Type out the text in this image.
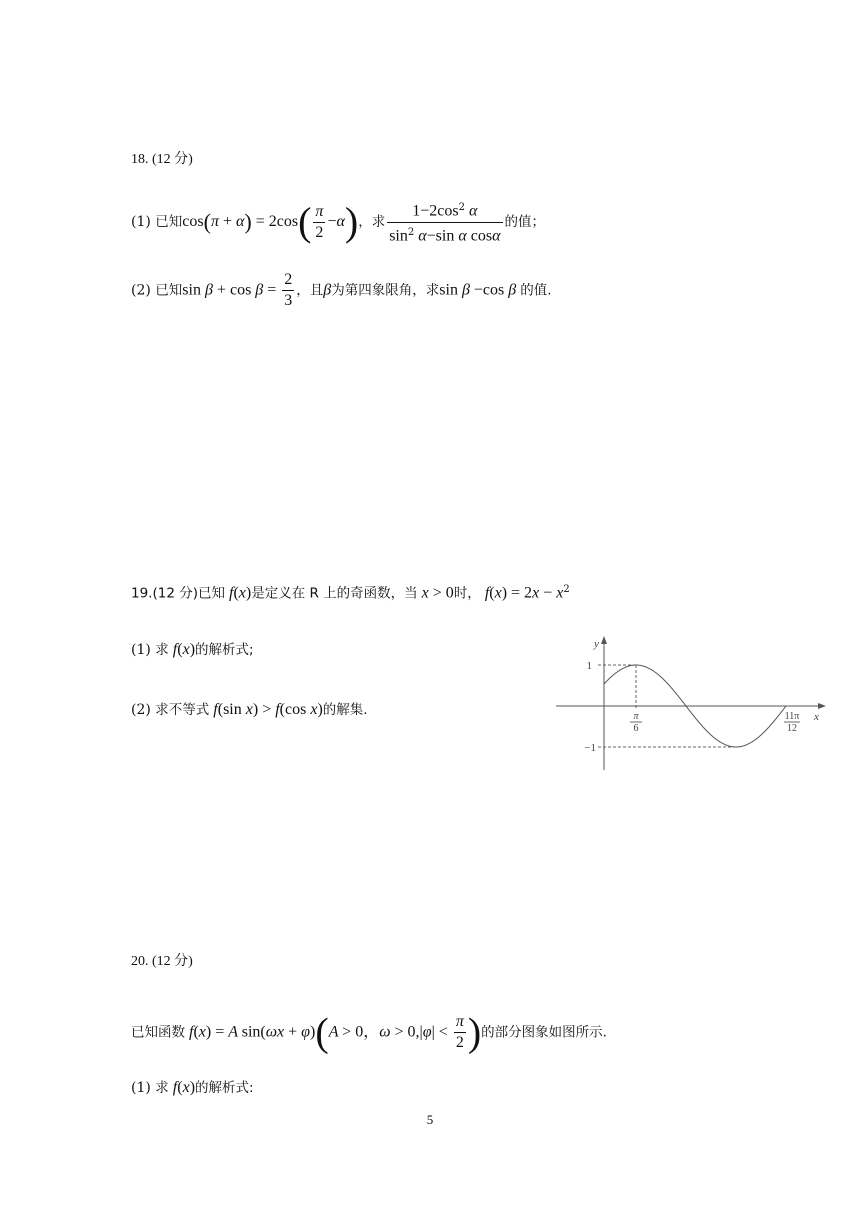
18. (12 分)
(1) 已知$\cos(\pi + \alpha) = 2\cos( \frac{\pi}{2} -\alpha)$，求 $\frac{1-2\cos^2 \alpha}{\sin^2 \alpha-\sin \alpha \cos\alpha}$ 的值；
(2) 已知$\sin \beta + \cos \beta = \frac{2}{3}$ ，且β为第四象限角，求sin β −cos β 的值.
19.(12 分)已知 f(x)是定义在 R 上的奇函数，当 x > 0时， $f(x) = 2x - x^2$
(1) 求 f(x)的解析式;
(2) 求不等式 f(sin x) > f(cos x)的解集.
y
x
1
−1
π
6
11π
12
20. (12 分)
已知函数 f(x) = A sin(ωx + φ)(A > 0，$\omega > 0,|\varphi| < \frac{\pi}{2}$ )的部分图象如图所示.
(1) 求 f(x)的解析式:
5
